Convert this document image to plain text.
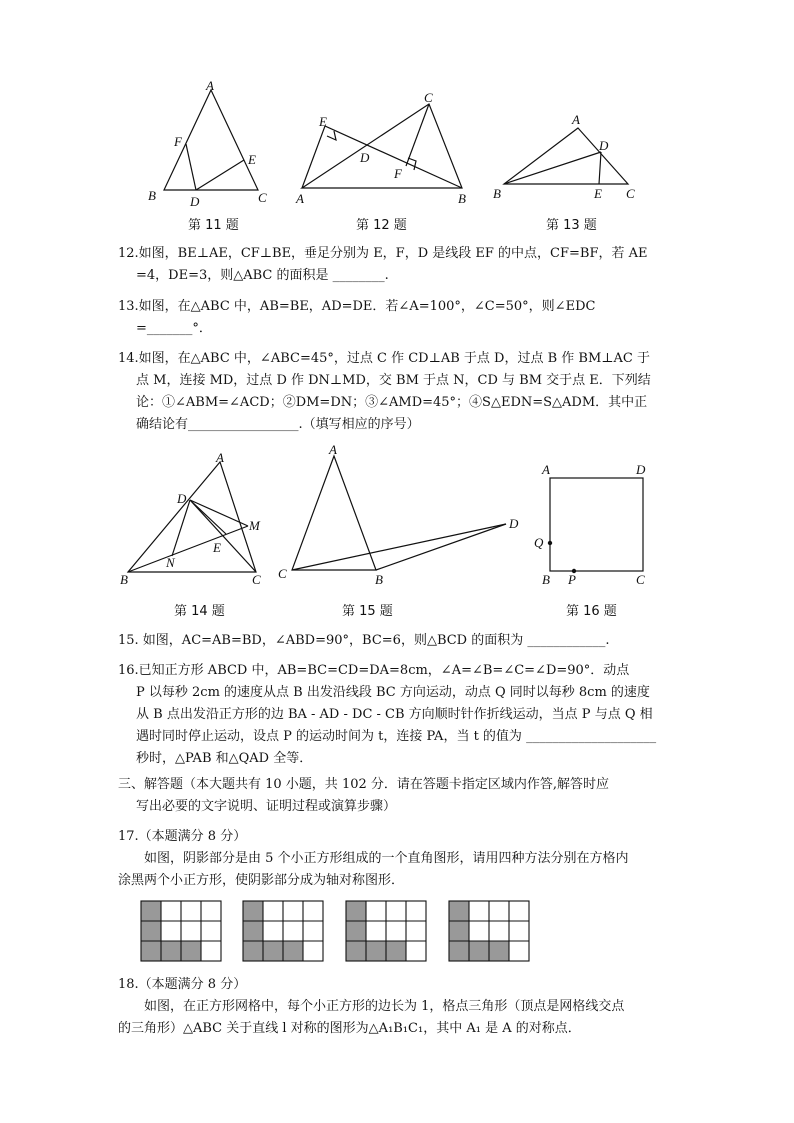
A
B	C
D
E
F
第 11 题
C
E
D
F
A	B
第 12 题
A
D
B	E C
第 13 题
12.如图，BE⊥AE，CF⊥BE，垂足分别为 E，F，D 是线段 EF 的中点，CF=BF，若 AE
=4，DE=3，则△ABC 的面积是 ________.
13.如图，在△ABC 中，AB=BE，AD=DE．若∠A=100°，∠C=50°，则∠EDC
=_______°．
14.如图，在△ABC 中，∠ABC=45°，过点 C 作 CD⊥AB 于点 D，过点 B 作 BM⊥AC 于
点 M，连接 MD，过点 D 作 DN⊥MD，交 BM 于点 N，CD 与 BM 交于点 E．下列结
论：①∠ABM=∠ACD；②DM=DN；③∠AMD=45°；④S△EDN=S△ADM．其中正
确结论有_________________.（填写相应的序号）
A
D
M
E
N
B	C
第 14 题
A
C	B
D
第 15 题
A	D
Q
B P	C
第 16 题
15. 如图，AC=AB=BD，∠ABD=90°，BC=6，则△BCD 的面积为 ____________.
16.已知正方形 ABCD 中，AB=BC=CD=DA=8cm，∠A=∠B=∠C=∠D=90°．动点
P 以每秒 2cm 的速度从点 B 出发沿线段 BC 方向运动，动点 Q 同时以每秒 8cm 的速度
从 B 点出发沿正方形的边 BA - AD - DC - CB 方向顺时针作折线运动，当点 P 与点 Q 相
遇时同时停止运动，设点 P 的运动时间为 t，连接 PA，当 t 的值为 ____________________
秒时，△PAB 和△QAD 全等．
三、解答题（本大题共有 10 小题，共 102 分．请在答题卡指定区域内作答,解答时应
写出必要的文字说明、证明过程或演算步骤）
17.（本题满分 8 分）
如图，阴影部分是由 5 个小正方形组成的一个直角图形，请用四种方法分别在方格内
涂黑两个小正方形，使阴影部分成为轴对称图形．
18.（本题满分 8 分）
如图，在正方形网格中，每个小正方形的边长为 1，格点三角形（顶点是网格线交点
的三角形）△ABC 关于直线 l 对称的图形为△A₁B₁C₁，其中 A₁ 是 A 的对称点．
